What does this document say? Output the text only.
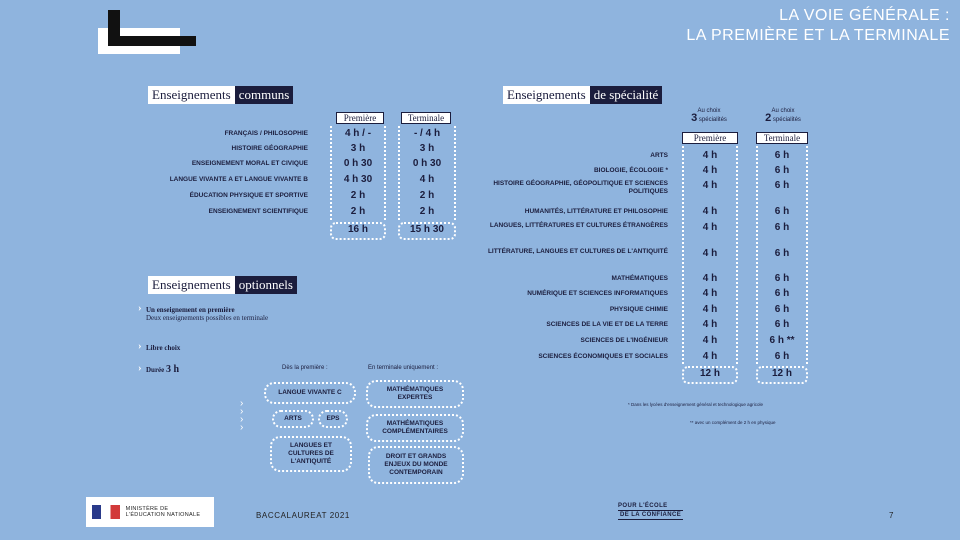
LA VOIE GÉNÉRALE :
LA PREMIÈRE ET LA TERMINALE
Enseignements communs
Première	Terminale
FRANÇAIS / PHILOSOPHIE	4 h / -	- / 4 h
HISTOIRE GÉOGRAPHIE	3 h	3 h
ENSEIGNEMENT MORAL ET CIVIQUE	0 h 30	0 h 30
LANGUE VIVANTE A ET LANGUE VIVANTE B	4 h 30	4 h
ÉDUCATION PHYSIQUE ET SPORTIVE	2 h	2 h
ENSEIGNEMENT SCIENTIFIQUE	2 h	2 h
16 h	15 h 30
Enseignements de spécialité
Au choix
3 spécialités
Au choix
2 spécialités
Première	Terminale
ARTS	4 h	6 h
BIOLOGIE, ÉCOLOGIE *	4 h	6 h
HISTOIRE GÉOGRAPHIE, GÉOPOLITIQUE ET SCIENCES POLITIQUES
4 h	6 h
HUMANITÉS, LITTÉRATURE ET PHILOSOPHIE	4 h	6 h
LANGUES, LITTÉRATURES ET CULTURES ÉTRANGÈRES	4 h	6 h
LITTÉRATURE, LANGUES ET CULTURES DE L'ANTIQUITÉ	4 h	6 h
MATHÉMATIQUES	4 h	6 h
NUMÉRIQUE ET SCIENCES INFORMATIQUES	4 h	6 h
PHYSIQUE CHIMIE	4 h	6 h
SCIENCES DE LA VIE ET DE LA TERRE	4 h	6 h
SCIENCES DE L'INGÉNIEUR	4 h	6 h **
SCIENCES ÉCONOMIQUES ET SOCIALES	4 h	6 h
12 h	12 h
* Dans les lycées d'enseignement général et technologique agricole
** avec un complément de 2 h en physique
Enseignements optionnels
› Un enseignement en première
Deux enseignements possibles en terminale
› Libre choix
› Durée 3 h	Dès la première :	En terminale uniquement :
›
›
›
›
LANGUE VIVANTE C
ARTS	EPS
LANGUES ET CULTURES DE L'ANTIQUITÉ
MATHÉMATIQUES EXPERTES
MATHÉMATIQUES COMPLÉMENTAIRES
DROIT ET GRANDS ENJEUX DU MONDE CONTEMPORAIN
MINISTÈRE DE L'ÉDUCATION NATIONALE	BACCALAUREAT 2021
POUR L'ÉCOLE
DE LA CONFIANCE	7
